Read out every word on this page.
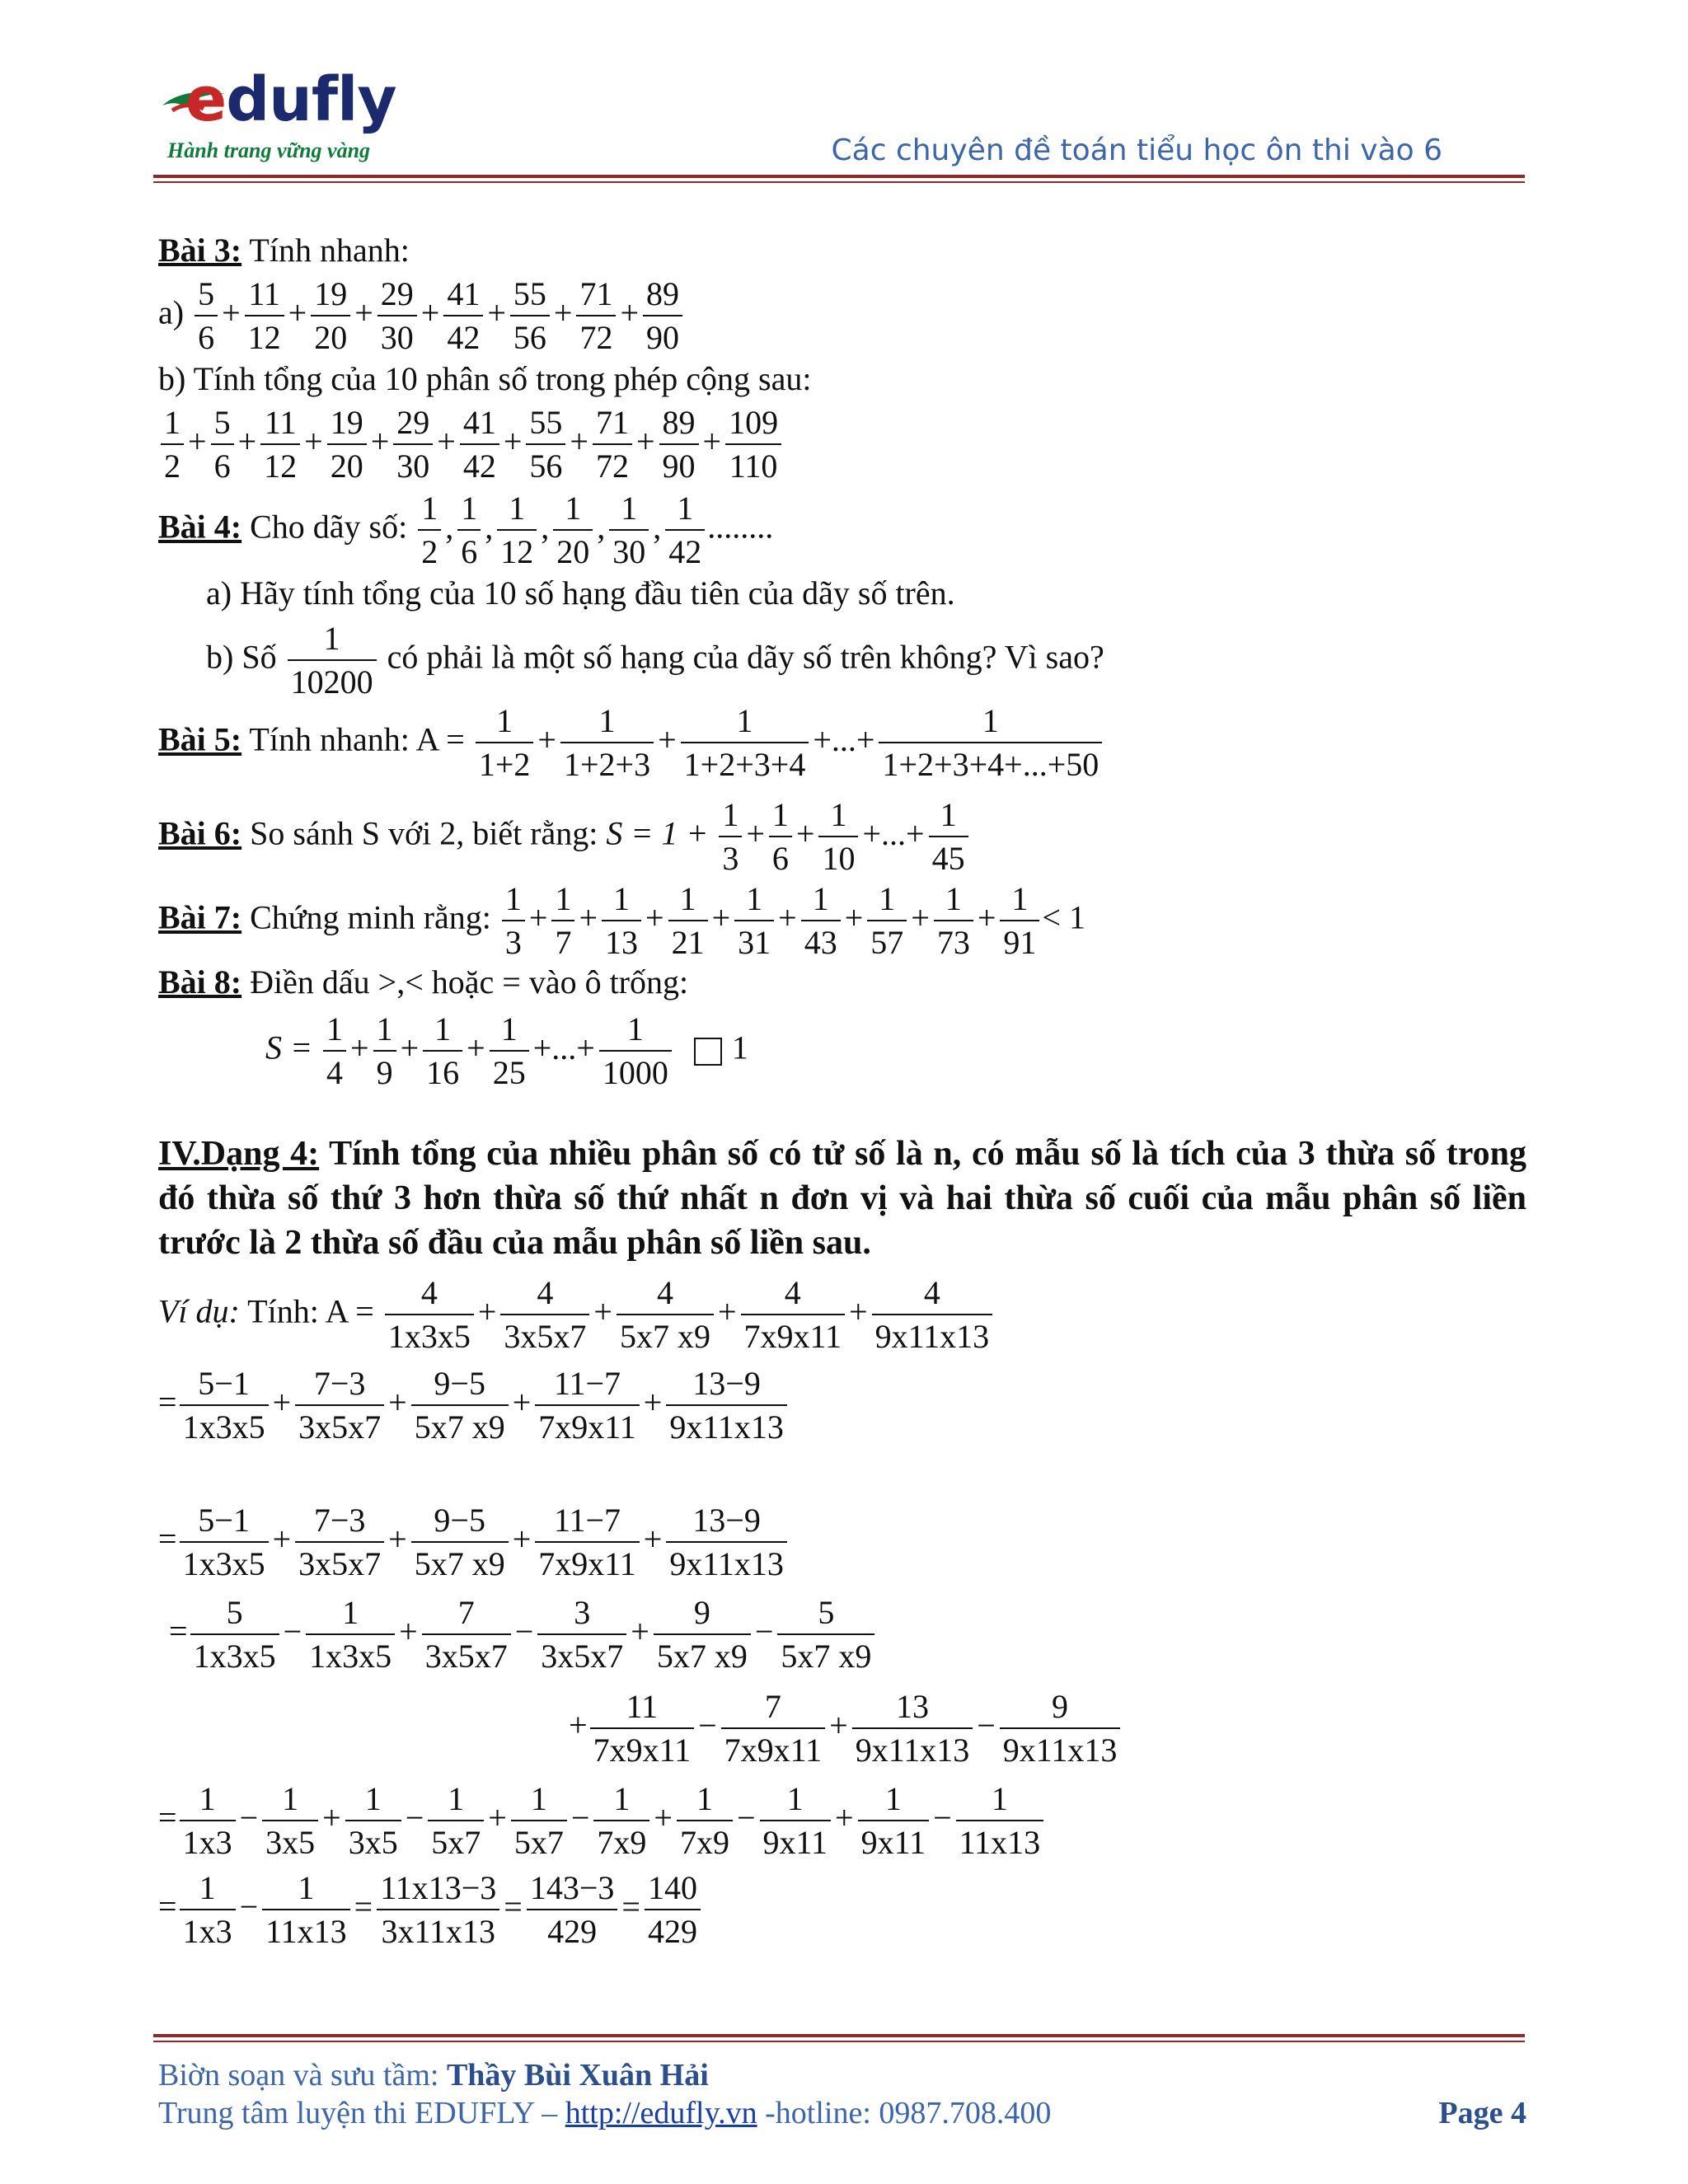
edufly
Hành trang vững vàng	Các chuyên đề toán tiểu học ôn thi vào 6
Bài 3: Tính nhanh:
$a) \frac{5}{6} + \frac{11}{12} + \frac{19}{20} + \frac{29}{30} + \frac{41}{42} + \frac{55}{56} + \frac{71}{72} + \frac{89}{90}$
b) Tính tổng của 10 phân số trong phép cộng sau:
$\frac{1}{2} + \frac{5}{6} + \frac{11}{12} + \frac{19}{20} + \frac{29}{30} + \frac{41}{42} + \frac{55}{56} + \frac{71}{72} + \frac{89}{90} + \frac{109}{110}$
Bài 4: Cho dãy số: $\frac{1}{2}$ , $\frac{1}{6}$ , $\frac{1}{12}$ , $\frac{1}{20}$ , $\frac{1}{30}$ , $\frac{1}{42}$ ........
a) Hãy tính tổng của 10 số hạng đầu tiên của dãy số trên.
b) Số $\frac{1}{10200}$ có phải là một số hạng của dãy số trên không? Vì sao?
Bài 5: Tính nhanh: $A = \frac{1}{1+2} + \frac{1}{1+2+3} + \frac{1}{1+2+3+4}$ +...+ $\frac{1}{1+2+3+4+...+50}$
Bài 6: So sánh S với 2, biết rằng: $S = 1 + \frac{1}{3} + \frac{1}{6} + \frac{1}{10}$ +...+ $\frac{1}{45}$
Bài 7: Chứng minh rằng: $\frac{1}{3} + \frac{1}{7} + \frac{1}{13} + \frac{1}{21} + \frac{1}{31} + \frac{1}{43} + \frac{1}{57} + \frac{1}{73} + \frac{1}{91} < 1$
Bài 8: Điền dấu >,< hoặc = vào ô trống:
$S = \frac{1}{4} + \frac{1}{9} + \frac{1}{16} + \frac{1}{25}$ +...+ $\frac{1}{1000} 1$
IV.Dạng 4: Tính tổng của nhiều phân số có tử số là n, có mẫu số là tích của 3 thừa số trong đó thừa số thứ 3 hơn thừa số thứ nhất n đơn vị và hai thừa số cuối của mẫu phân số liền trước là 2 thừa số đầu của mẫu phân số liền sau.
Ví dụ: Tính: $A = \frac{4}{1x3x5} + \frac{4}{3x5x7} + \frac{4}{5x7 x9} + \frac{4}{7x9x11} + \frac{4}{9x11x13}$
= $\frac{5-1}{1x3x5} + \frac{7-3}{3x5x7} + \frac{9-5}{5x7 x9} + \frac{11-7}{7x9x11} + \frac{13-9}{9x11x13}$
= $\frac{5-1}{1x3x5} + \frac{7-3}{3x5x7} + \frac{9-5}{5x7 x9} + \frac{11-7}{7x9x11} + \frac{13-9}{9x11x13}$
= $\frac{5}{1x3x5} - \frac{1}{1x3x5} + \frac{7}{3x5x7} - \frac{3}{3x5x7} + \frac{9}{5x7 x9} - \frac{5}{5x7 x9}$
+ $\frac{11}{7x9x11} - \frac{7}{7x9x11} + \frac{13}{9x11x13} - \frac{9}{9x11x13}$
= $\frac{1}{1x3} - \frac{1}{3x5} + \frac{1}{3x5} - \frac{1}{5x7} + \frac{1}{5x7} - \frac{1}{7x9} + \frac{1}{7x9} - \frac{1}{9x11} + \frac{1}{9x11} - \frac{1}{11x13}$
= $\frac{1}{1x3} - \frac{1}{11x13} = \frac{11x13-3}{3x11x13} = \frac{143-3}{429} = \frac{140}{429}$
Biờn soạn và sưu tầm: Thầy Bùi Xuân Hải
Trung tâm luyện thi EDUFLY – http://edufly.vn -hotline: 0987.708.400	Page 4
